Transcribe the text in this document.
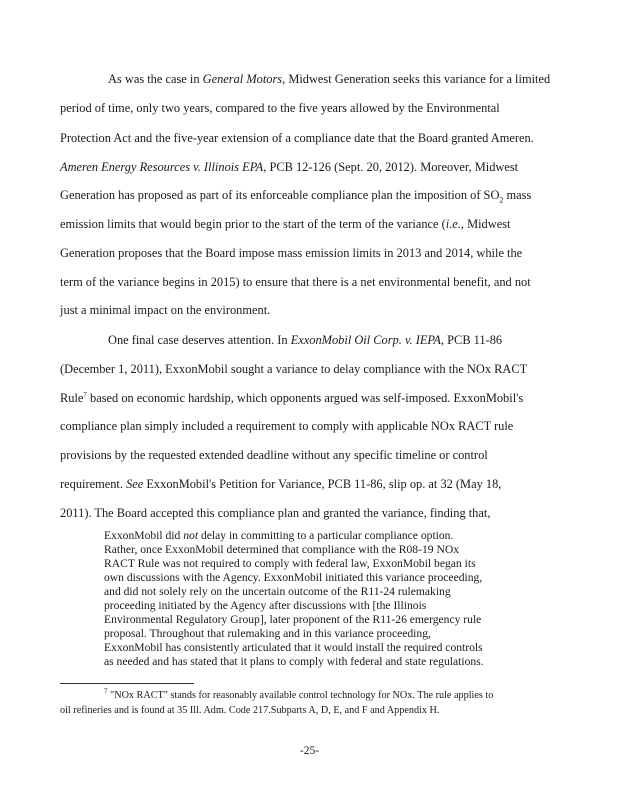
As was the case in General Motors, Midwest Generation seeks this variance for a limited
period of time, only two years, compared to the five years allowed by the Environmental
Protection Act and the five-year extension of a compliance date that the Board granted Ameren.
Ameren Energy Resources v. Illinois EPA, PCB 12-126 (Sept. 20, 2012). Moreover, Midwest
Generation has proposed as part of its enforceable compliance plan the imposition of $SO_2$ mass
emission limits that would begin prior to the start of the term of the variance (i.e., Midwest
Generation proposes that the Board impose mass emission limits in 2013 and 2014, while the
term of the variance begins in 2015) to ensure that there is a net environmental benefit, and not
just a minimal impact on the environment.
One final case deserves attention. In ExxonMobil Oil Corp. v. IEPA, PCB 11-86
(December 1, 2011), ExxonMobil sought a variance to delay compliance with the NOx RACT
Rule$^7$ based on economic hardship, which opponents argued was self-imposed. ExxonMobil's
compliance plan simply included a requirement to comply with applicable NOx RACT rule
provisions by the requested extended deadline without any specific timeline or control
requirement. See ExxonMobil's Petition for Variance, PCB 11-86, slip op. at 32 (May 18,
2011). The Board accepted this compliance plan and granted the variance, finding that,
ExxonMobil did not delay in committing to a particular compliance option.
Rather, once ExxonMobil determined that compliance with the R08-19 NOx
RACT Rule was not required to comply with federal law, ExxonMobil began its
own discussions with the Agency. ExxonMobil initiated this variance proceeding,
and did not solely rely on the uncertain outcome of the R11-24 rulemaking
proceeding initiated by the Agency after discussions with [the Illinois
Environmental Regulatory Group], later proponent of the R11-26 emergency rule
proposal. Throughout that rulemaking and in this variance proceeding,
ExxonMobil has consistently articulated that it would install the required controls
as needed and has stated that it plans to comply with federal and state regulations.
$^7$ "NOx RACT" stands for reasonably available control technology for NOx. The rule applies to
oil refineries and is found at 35 Ill. Adm. Code 217.Subparts A, D, E, and F and Appendix H.
-25-
